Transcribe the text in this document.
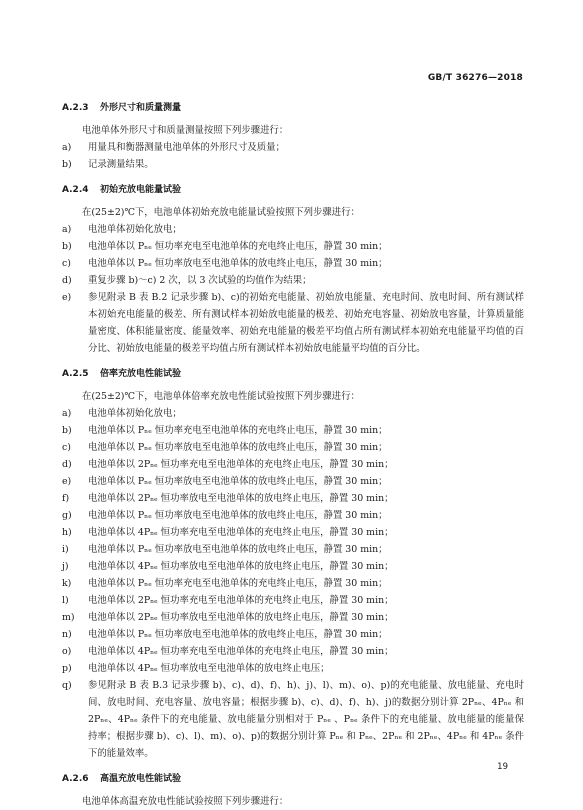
GB/T 36276—2018
A.2.3 外形尺寸和质量测量
电池单体外形尺寸和质量测量按照下列步骤进行：
a)	用量具和衡器测量电池单体的外形尺寸及质量；
b)	记录测量结果。
A.2.4 初始充放电能量试验
在(25±2)℃下，电池单体初始充放电能量试验按照下列步骤进行：
a)	电池单体初始化放电；
b)	电池单体以 Pₙₑ 恒功率充电至电池单体的充电终止电压，静置 30 min；
c)	电池单体以 Pₙₑ 恒功率放电至电池单体的放电终止电压，静置 30 min；
d)	重复步骤 b)～c) 2 次，以 3 次试验的均值作为结果；
e)	参见附录 B 表 B.2 记录步骤 b)、c)的初始充电能量、初始放电能量、充电时间、放电时间、所有测试样本初始充电能量的极差、所有测试样本初始放电能量的极差、初始充电容量、初始放电容量，计算质量能量密度、体积能量密度、能量效率、初始充电能量的极差平均值占所有测试样本初始充电能量平均值的百分比、初始放电能量的极差平均值占所有测试样本初始放电能量平均值的百分比。
A.2.5 倍率充放电性能试验
在(25±2)℃下，电池单体倍率充放电性能试验按照下列步骤进行：
a)	电池单体初始化放电；
b)	电池单体以 Pₙₑ 恒功率充电至电池单体的充电终止电压，静置 30 min；
c)	电池单体以 Pₙₑ 恒功率放电至电池单体的放电终止电压，静置 30 min；
d)	电池单体以 2Pₙₑ 恒功率充电至电池单体的充电终止电压，静置 30 min；
e)	电池单体以 Pₙₑ 恒功率放电至电池单体的放电终止电压，静置 30 min；
f)	电池单体以 2Pₙₑ 恒功率放电至电池单体的放电终止电压，静置 30 min；
g)	电池单体以 Pₙₑ 恒功率放电至电池单体的放电终止电压，静置 30 min；
h)	电池单体以 4Pₙₑ 恒功率充电至电池单体的充电终止电压，静置 30 min；
i)	电池单体以 Pₙₑ 恒功率放电至电池单体的放电终止电压，静置 30 min；
j)	电池单体以 4Pₙₑ 恒功率放电至电池单体的放电终止电压，静置 30 min；
k)	电池单体以 Pₙₑ 恒功率充电至电池单体的充电终止电压，静置 30 min；
l)	电池单体以 2Pₙₑ 恒功率充电至电池单体的充电终止电压，静置 30 min；
m)	电池单体以 2Pₙₑ 恒功率放电至电池单体的放电终止电压，静置 30 min；
n)	电池单体以 Pₙₑ 恒功率放电至电池单体的放电终止电压，静置 30 min；
o)	电池单体以 4Pₙₑ 恒功率充电至电池单体的充电终止电压，静置 30 min；
p)	电池单体以 4Pₙₑ 恒功率放电至电池单体的放电终止电压；
q)	参见附录 B 表 B.3 记录步骤 b)、c)、d)、f)、h)、j)、l)、m)、o)、p)的充电能量、放电能量、充电时间、放电时间、充电容量、放电容量；根据步骤 b)、c)、d)、f)、h)、j)的数据分别计算 2Pₙₑ、4Pₙₑ 和 2Pₙₑ、4Pₙₑ 条件下的充电能量、放电能量分别相对于 Pₙₑ 、Pₙₑ 条件下的充电能量、放电能量的能量保持率；根据步骤 b)、c)、l)、m)、o)、p)的数据分别计算 Pₙₑ 和 Pₙₑ、2Pₙₑ 和 2Pₙₑ、4Pₙₑ 和 4Pₙₑ 条件下的能量效率。
A.2.6 高温充放电性能试验
电池单体高温充放电性能试验按照下列步骤进行：
19
